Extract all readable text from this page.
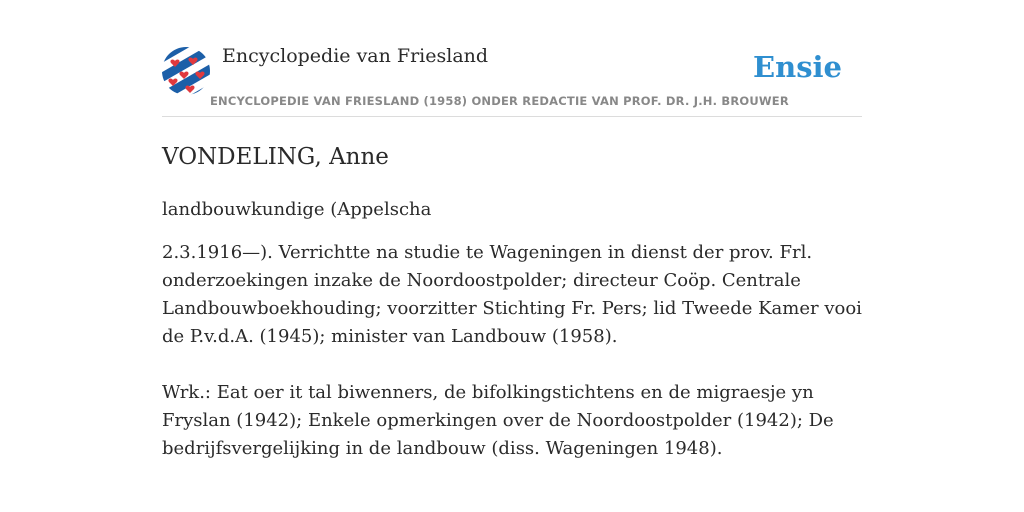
Encyclopedie van Friesland
ENCYCLOPEDIE VAN FRIESLAND (1958) ONDER REDACTIE VAN PROF. DR. J.H. BROUWER
Ensie
VONDELING, Anne
landbouwkundige (Appelscha

2.3.1916—). Verrichtte na studie te Wageningen in dienst der prov. Frl. onderzoekingen inzake de Noordoostpolder; directeur Coöp. Centrale Landbouwboekhouding; voorzitter Stichting Fr. Pers; lid Tweede Kamer vooi de P.v.d.A. (1945); minister van Landbouw (1958).

Wrk.: Eat oer it tal biwenners, de bifolkingstichtens en de migraesje yn Fryslan (1942); Enkele opmerkingen over de Noordoostpolder (1942); De bedrijfsvergelijking in de landbouw (diss. Wageningen 1948).
